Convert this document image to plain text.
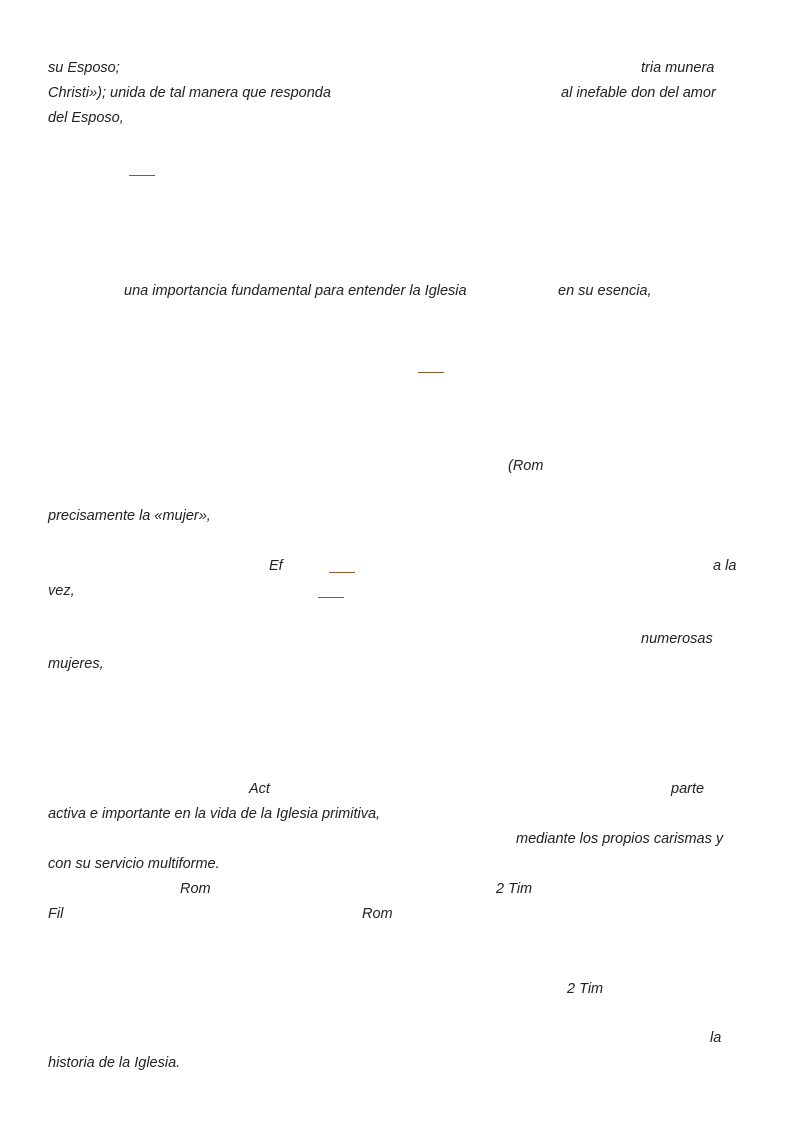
su Esposo;	tria munera
Christi»); unida de tal manera que responda	al inefable don del amor
del Esposo,
una importancia fundamental para entender la Iglesia	en su esencia,
(Rom
precisamente la «mujer»,
Ef	a la
vez,
numerosas
mujeres,
Act	parte
activa e importante en la vida de la Iglesia primitiva,
mediante los propios carismas y
con su servicio multiforme.
Rom	2 Tim
Fil	Rom
2 Tim
la
historia de la Iglesia.
